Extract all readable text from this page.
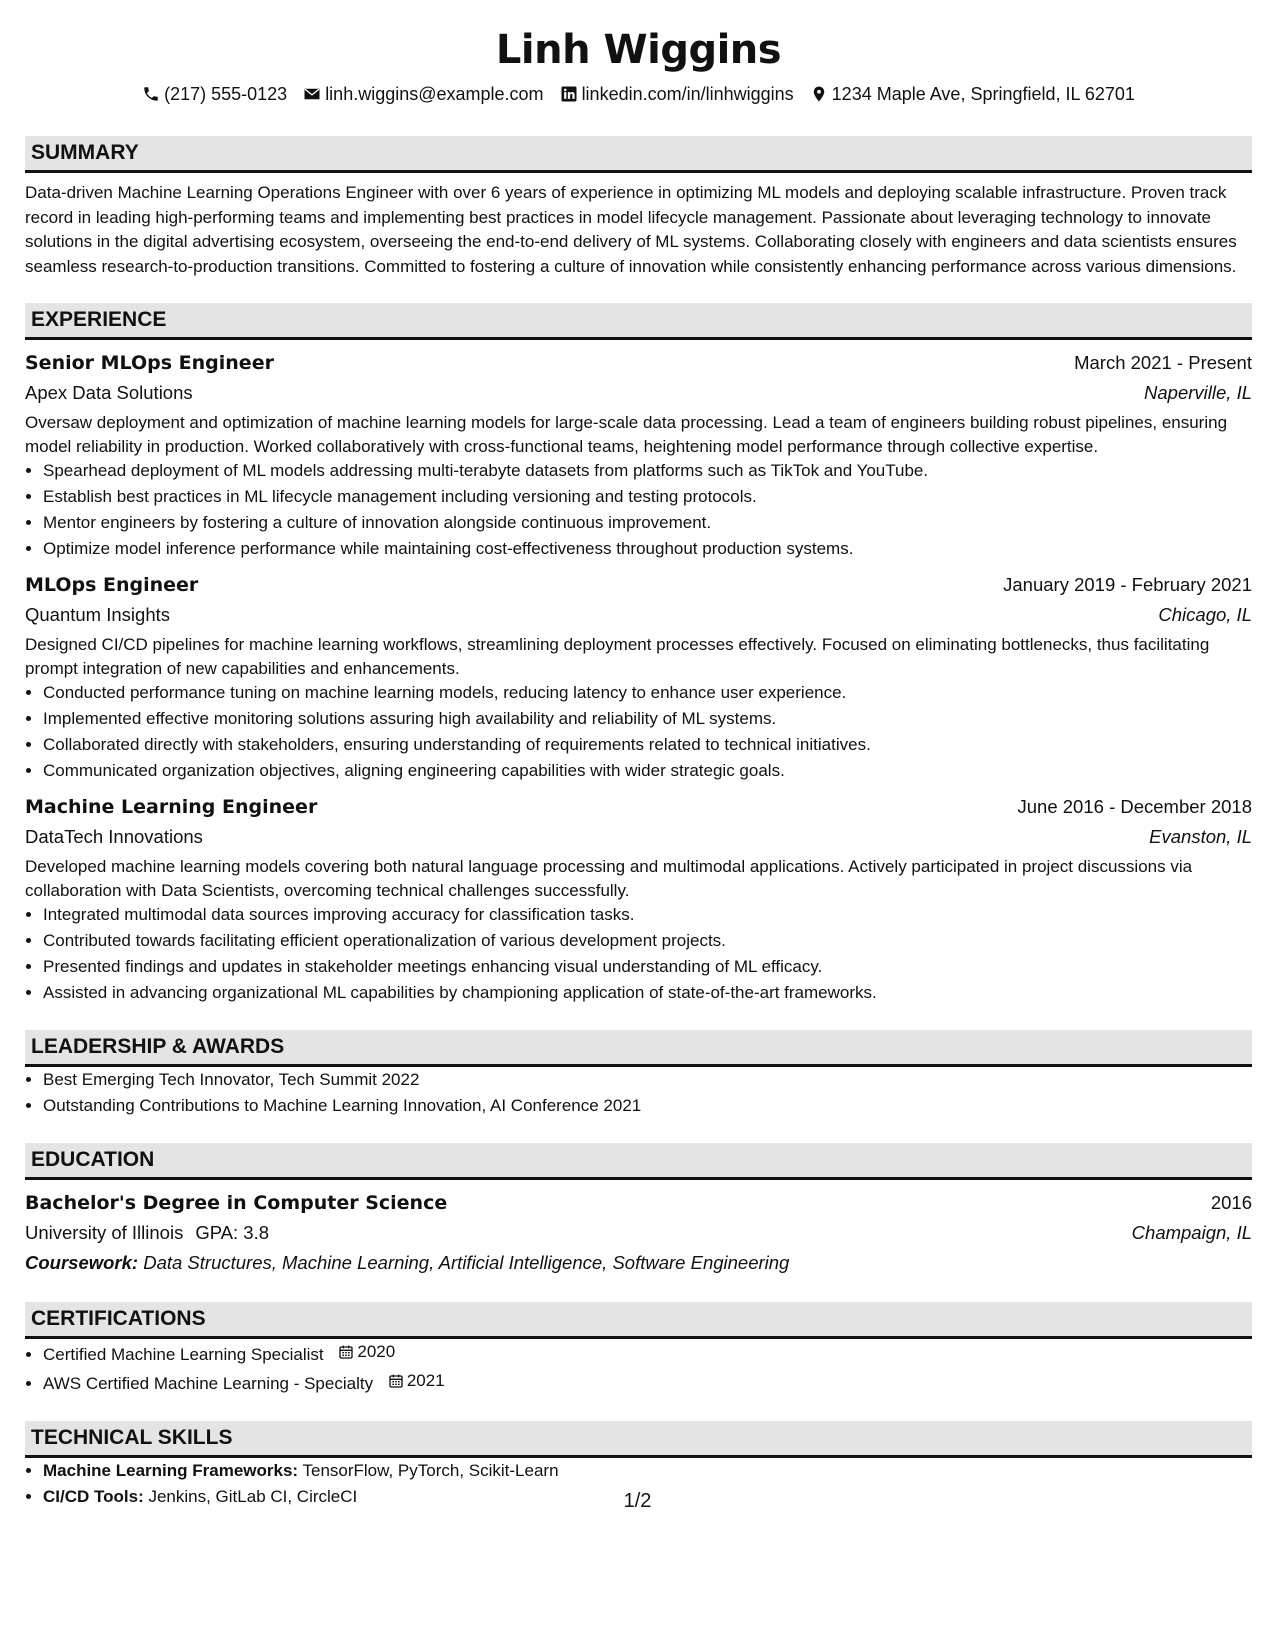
Linh Wiggins
(217) 555-0123 linh.wiggins@example.com linkedin.com/in/linhwiggins 1234 Maple Ave, Springfield, IL 62701
SUMMARY

Data-driven Machine Learning Operations Engineer with over 6 years of experience in optimizing ML models and deploying scalable infrastructure. Proven track record in leading high-performing teams and implementing best practices in model lifecycle management. Passionate about leveraging technology to innovate solutions in the digital advertising ecosystem, overseeing the end-to-end delivery of ML systems. Collaborating closely with engineers and data scientists ensures seamless research-to-production transitions. Committed to fostering a culture of innovation while consistently enhancing performance across various dimensions.

EXPERIENCE
Senior MLOps Engineer	March 2021 - Present
Apex Data Solutions	Naperville, IL

Oversaw deployment and optimization of machine learning models for large-scale data processing. Lead a team of engineers building robust pipelines, ensuring model reliability in production. Worked collaboratively with cross-functional teams, heightening model performance through collective expertise.

• Spearhead deployment of ML models addressing multi-terabyte datasets from platforms such as TikTok and YouTube.
• Establish best practices in ML lifecycle management including versioning and testing protocols.
• Mentor engineers by fostering a culture of innovation alongside continuous improvement.
• Optimize model inference performance while maintaining cost-effectiveness throughout production systems.
MLOps Engineer	January 2019 - February 2021
Quantum Insights	Chicago, IL

Designed CI/CD pipelines for machine learning workflows, streamlining deployment processes effectively. Focused on eliminating bottlenecks, thus facilitating prompt integration of new capabilities and enhancements.

• Conducted performance tuning on machine learning models, reducing latency to enhance user experience.
• Implemented effective monitoring solutions assuring high availability and reliability of ML systems.
• Collaborated directly with stakeholders, ensuring understanding of requirements related to technical initiatives.
• Communicated organization objectives, aligning engineering capabilities with wider strategic goals.
Machine Learning Engineer	June 2016 - December 2018
DataTech Innovations	Evanston, IL

Developed machine learning models covering both natural language processing and multimodal applications. Actively participated in project discussions via collaboration with Data Scientists, overcoming technical challenges successfully.

• Integrated multimodal data sources improving accuracy for classification tasks.
• Contributed towards facilitating efficient operationalization of various development projects.
• Presented findings and updates in stakeholder meetings enhancing visual understanding of ML efficacy.
• Assisted in advancing organizational ML capabilities by championing application of state-of-the-art frameworks.
LEADERSHIP & AWARDS
• Best Emerging Tech Innovator, Tech Summit 2022
• Outstanding Contributions to Machine Learning Innovation, AI Conference 2021
EDUCATION
Bachelor's Degree in Computer Science	2016
University of Illinois GPA: 3.8	Champaign, IL
Coursework: Data Structures, Machine Learning, Artificial Intelligence, Software Engineering
CERTIFICATIONS
• Certified Machine Learning Specialist 2020
• AWS Certified Machine Learning - Specialty 2021
TECHNICAL SKILLS
• Machine Learning Frameworks: TensorFlow, PyTorch, Scikit-Learn
• CI/CD Tools: Jenkins, GitLab CI, CircleCI	1/2
